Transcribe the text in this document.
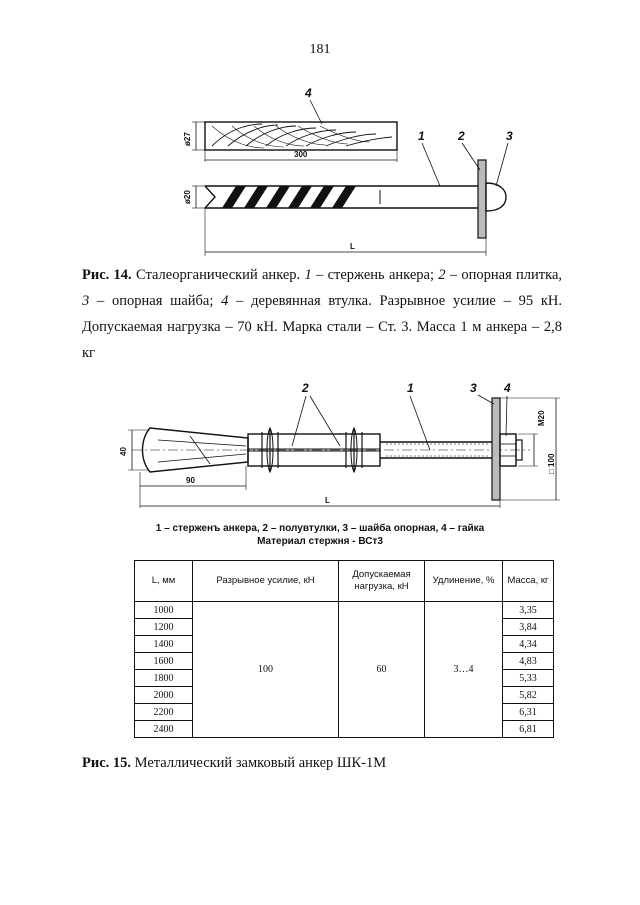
181
ø27
300
4
1	2	3
ø20
L
Рис. 14. Сталеорганический анкер. 1 – стержень анкера; 2 – опорная плитка, 3 – опорная шайба; 4 – деревянная втулка. Разрывное усилие – 95 кН. Допускаемая нагрузка – 70 кН. Марка стали – Ст. 3. Масса 1 м анкера – 2,8 кг
2	1	3 4
40
90
L
M20
□ 100
1 – стерженъ анкера, 2 – полувтулки, 3 – шайба опорная, 4 – гайка
Материал стержня - ВСт3
L, мм	Разрывное усилие, кН	Допускаемая нагрузка, кН	Удлинение, %	Масса, кг
1000	100	60	3…4	3,35
1200				3,84
1400				4,34
1600				4,83
1800				5,33
2000				5,82
2200				6,31
2400				6,81
Рис. 15. Металлический замковый анкер ШК-1М
